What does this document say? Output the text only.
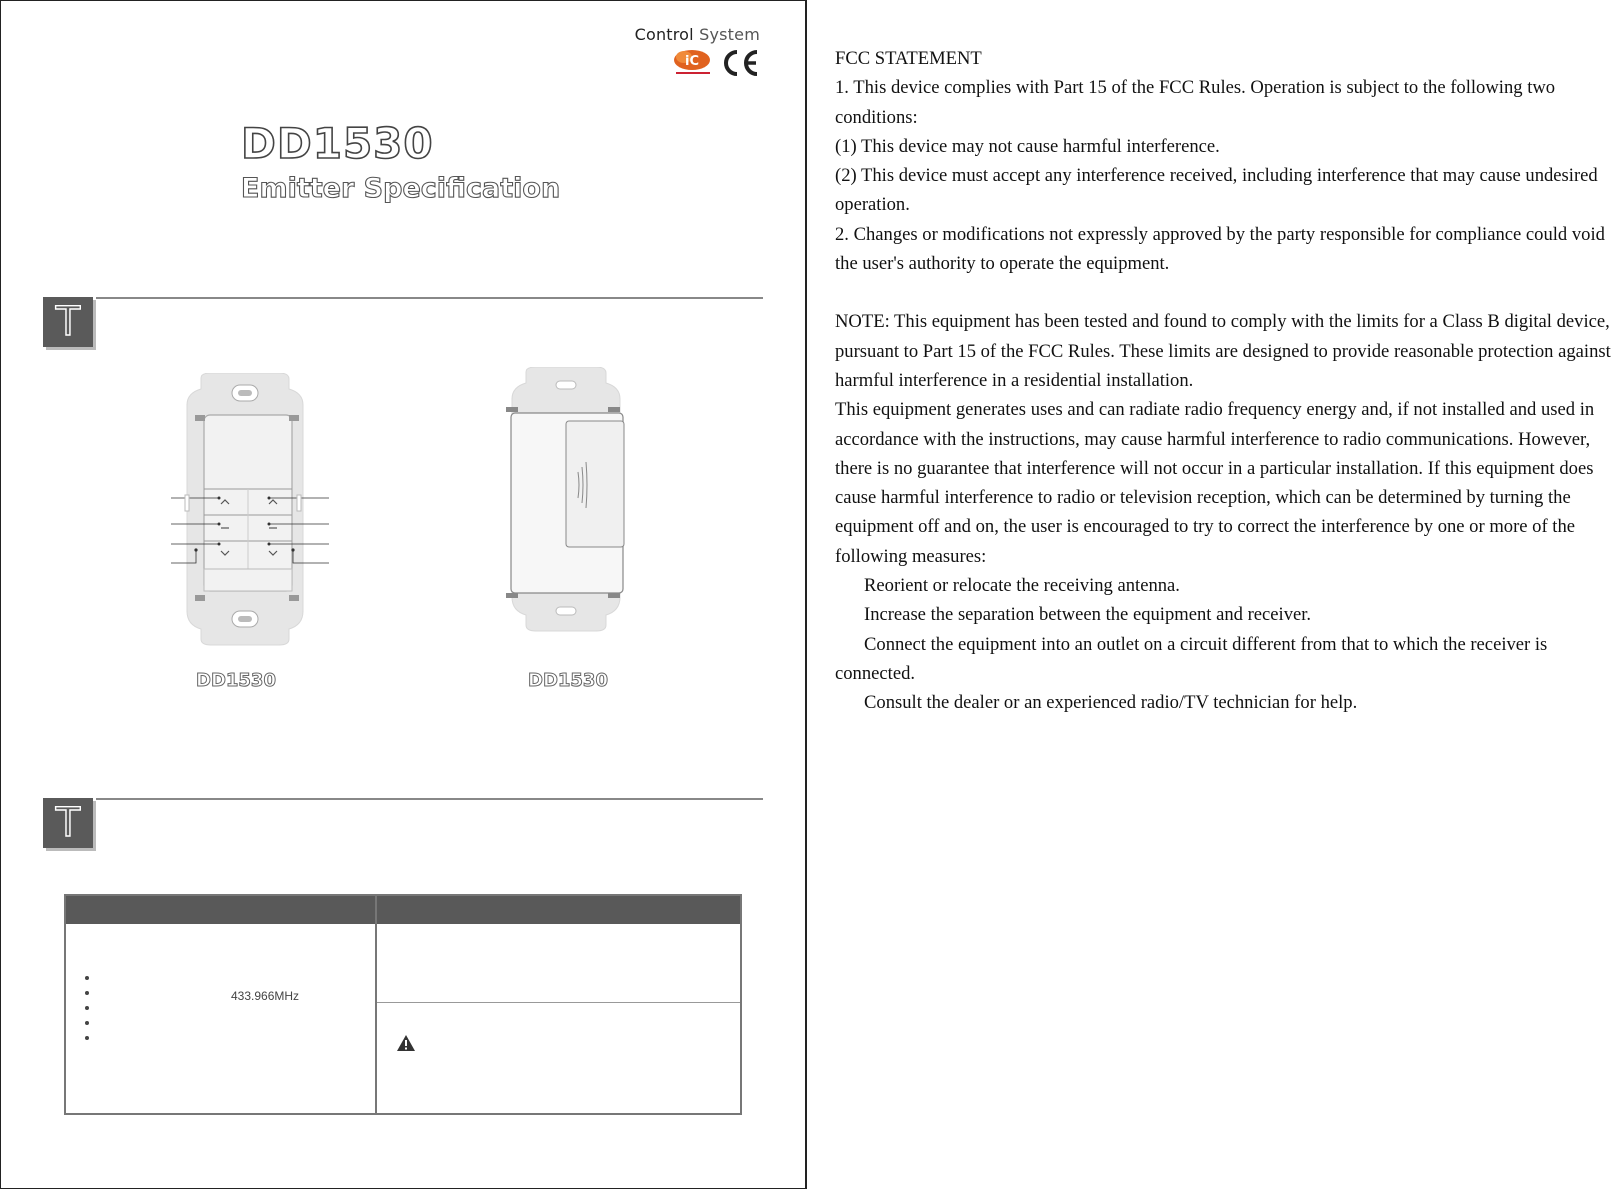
Control System
iC
DD1530
Emitter Specification
T
DD1530	DD1530
T
433.966MHz

FCC STATEMENT

1. This device complies with Part 15 of the FCC Rules. Operation is subject to the following two conditions:

(1) This device may not cause harmful interference.

(2) This device must accept any interference received, including interference that may cause undesired operation.

2. Changes or modifications not expressly approved by the party responsible for compliance could void the user's authority to operate the equipment.

NOTE: This equipment has been tested and found to comply with the limits for a Class B digital device, pursuant to Part 15 of the FCC Rules. These limits are designed to provide reasonable protection against harmful interference in a residential installation.

This equipment generates uses and can radiate radio frequency energy and, if not installed and used in accordance with the instructions, may cause harmful interference to radio communications. However, there is no guarantee that interference will not occur in a particular installation. If this equipment does cause harmful interference to radio or television reception, which can be determined by turning the equipment off and on, the user is encouraged to try to correct the interference by one or more of the following measures:

Reorient or relocate the receiving antenna.

Increase the separation between the equipment and receiver.

Connect the equipment into an outlet on a circuit different from that to which the receiver is connected.

Consult the dealer or an experienced radio/TV technician for help.
